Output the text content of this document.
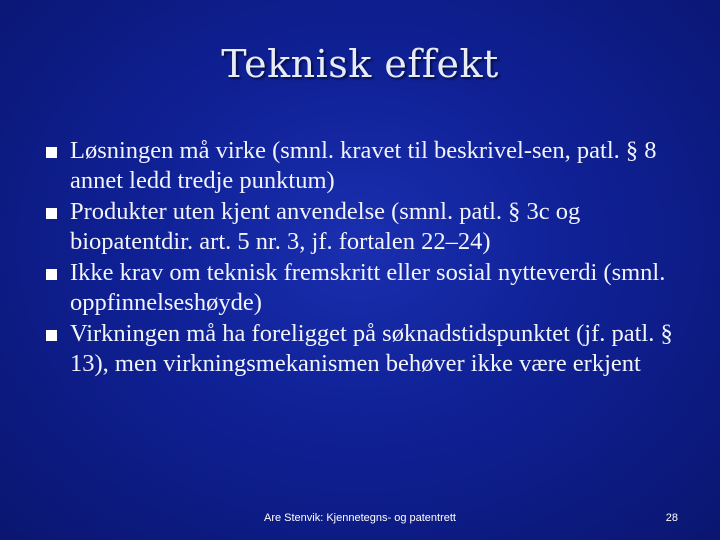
Teknisk effekt
Løsningen må virke (smnl. kravet til beskrivel-sen, patl. § 8 annet ledd tredje punktum)
Produkter uten kjent anvendelse (smnl. patl. § 3c og biopatentdir. art. 5 nr. 3, jf. fortalen 22–24)
Ikke krav om teknisk fremskritt eller sosial nytteverdi (smnl. oppfinnelseshøyde)
Virkningen må ha foreligget på søknadstidspunktet (jf. patl. § 13), men virkningsmekanismen behøver ikke være erkjent
Are Stenvik: Kjennetegns- og patentrett	28
